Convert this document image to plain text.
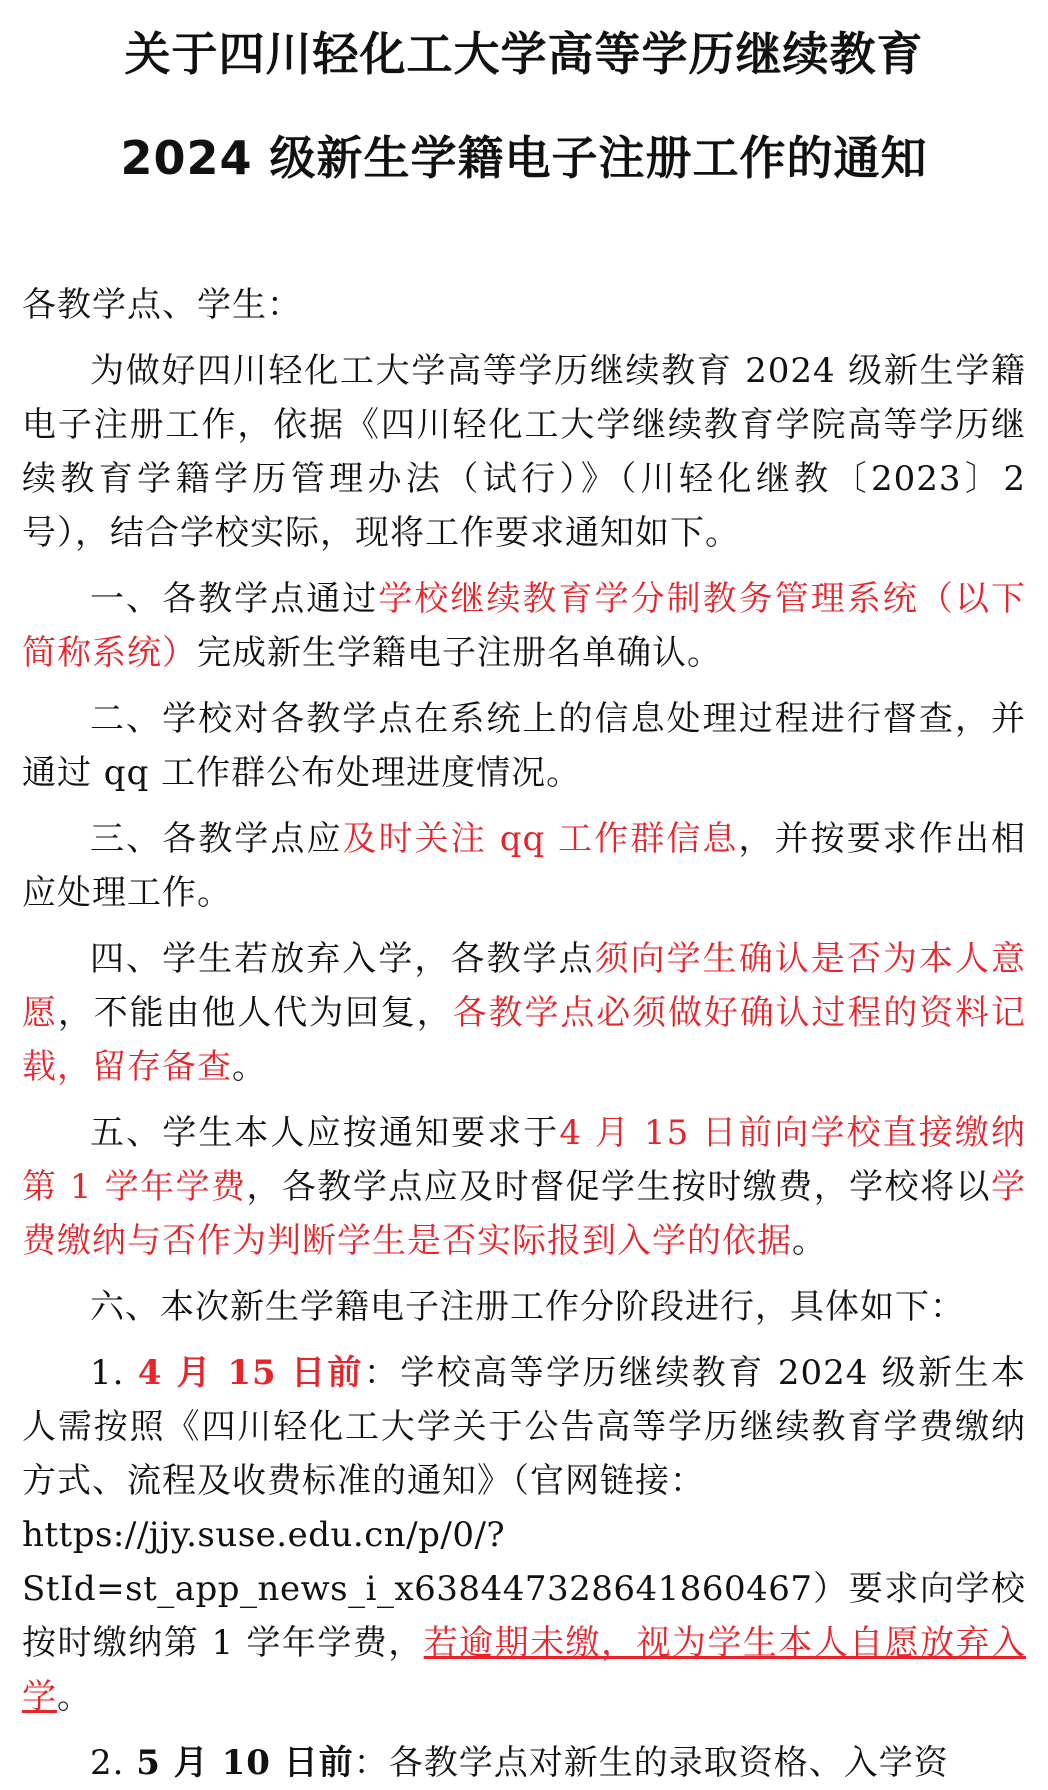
关于四川轻化工大学高等学历继续教育
2024 级新生学籍电子注册工作的通知

各教学点、学生：

为做好四川轻化工大学高等学历继续教育 2024 级新生学籍电子注册工作，依据《四川轻化工大学继续教育学院高等学历继续教育学籍学历管理办法（试行）》（川轻化继教〔2023〕2 号），结合学校实际，现将工作要求通知如下。

一、各教学点通过学校继续教育学分制教务管理系统（以下简称系统）完成新生学籍电子注册名单确认。

二、学校对各教学点在系统上的信息处理过程进行督查，并通过 qq 工作群公布处理进度情况。

三、各教学点应及时关注 qq 工作群信息，并按要求作出相应处理工作。

四、学生若放弃入学，各教学点须向学生确认是否为本人意愿，不能由他人代为回复，各教学点必须做好确认过程的资料记载，留存备查。

五、学生本人应按通知要求于4 月 15 日前向学校直接缴纳第 1 学年学费，各教学点应及时督促学生按时缴费，学校将以学费缴纳与否作为判断学生是否实际报到入学的依据。

六、本次新生学籍电子注册工作分阶段进行，具体如下：

1. 4 月 15 日前：学校高等学历继续教育 2024 级新生本人需按照《四川轻化工大学关于公告高等学历继续教育学费缴纳方式、流程及收费标准的通知》（官网链接：
https://jjy.suse.edu.cn/p/0/?StId=st_app_news_i_x638447328641860467）要求向学校按时缴纳第 1 学年学费，若逾期未缴，视为学生本人自愿放弃入学。

2. 5 月 10 日前：各教学点对新生的录取资格、入学资
